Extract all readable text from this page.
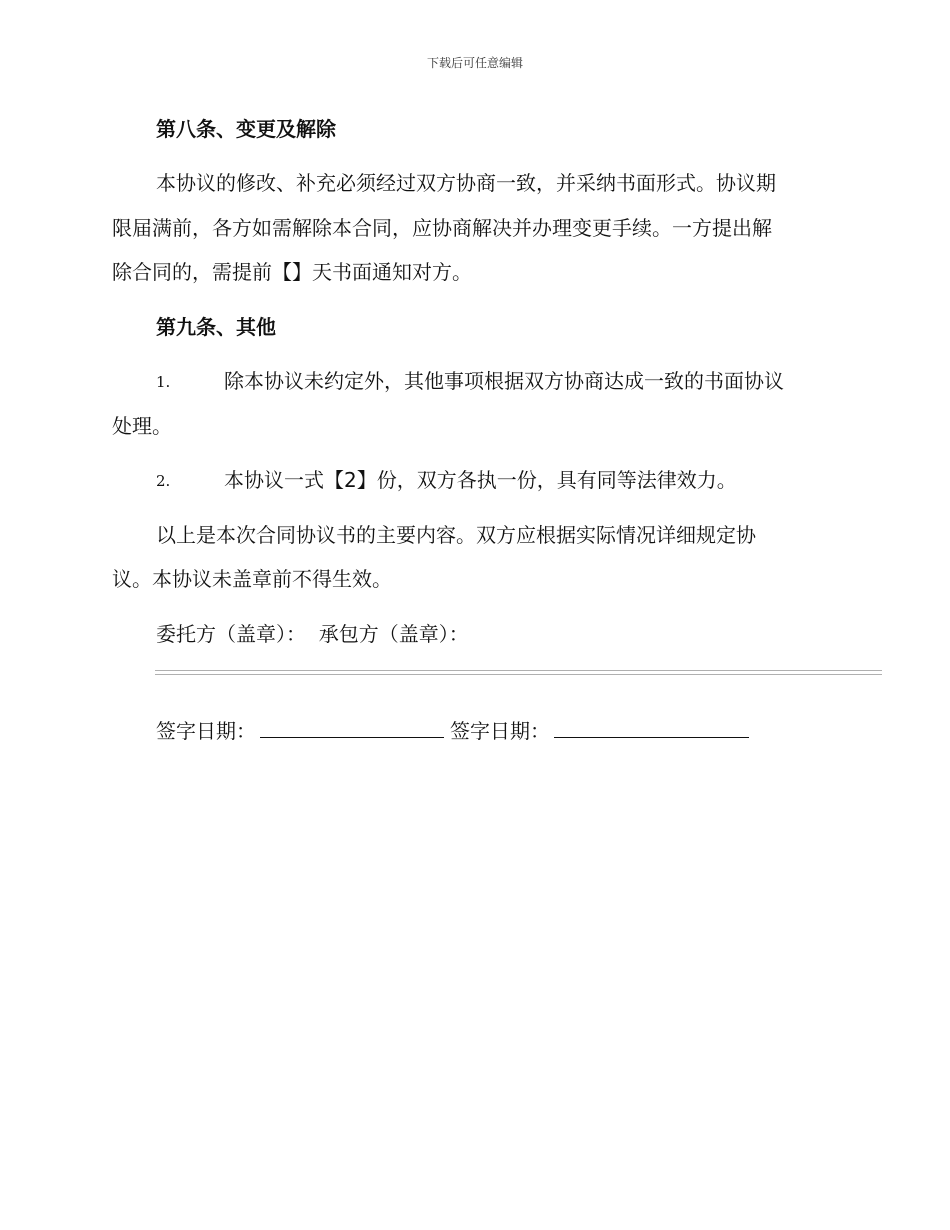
下载后可任意编辑
第八条、变更及解除
本协议的修改、补充必须经过双方协商一致，并采纳书面形式。协议期
限届满前，各方如需解除本合同，应协商解决并办理变更手续。一方提出解
除合同的，需提前【】天书面通知对方。
第九条、其他
1.	除本协议未约定外，其他事项根据双方协商达成一致的书面协议
处理。
2.	本协议一式【2】份，双方各执一份，具有同等法律效力。
以上是本次合同协议书的主要内容。双方应根据实际情况详细规定协
议。本协议未盖章前不得生效。
委托方（盖章）：  承包方（盖章）：
签字日期：	签字日期：
